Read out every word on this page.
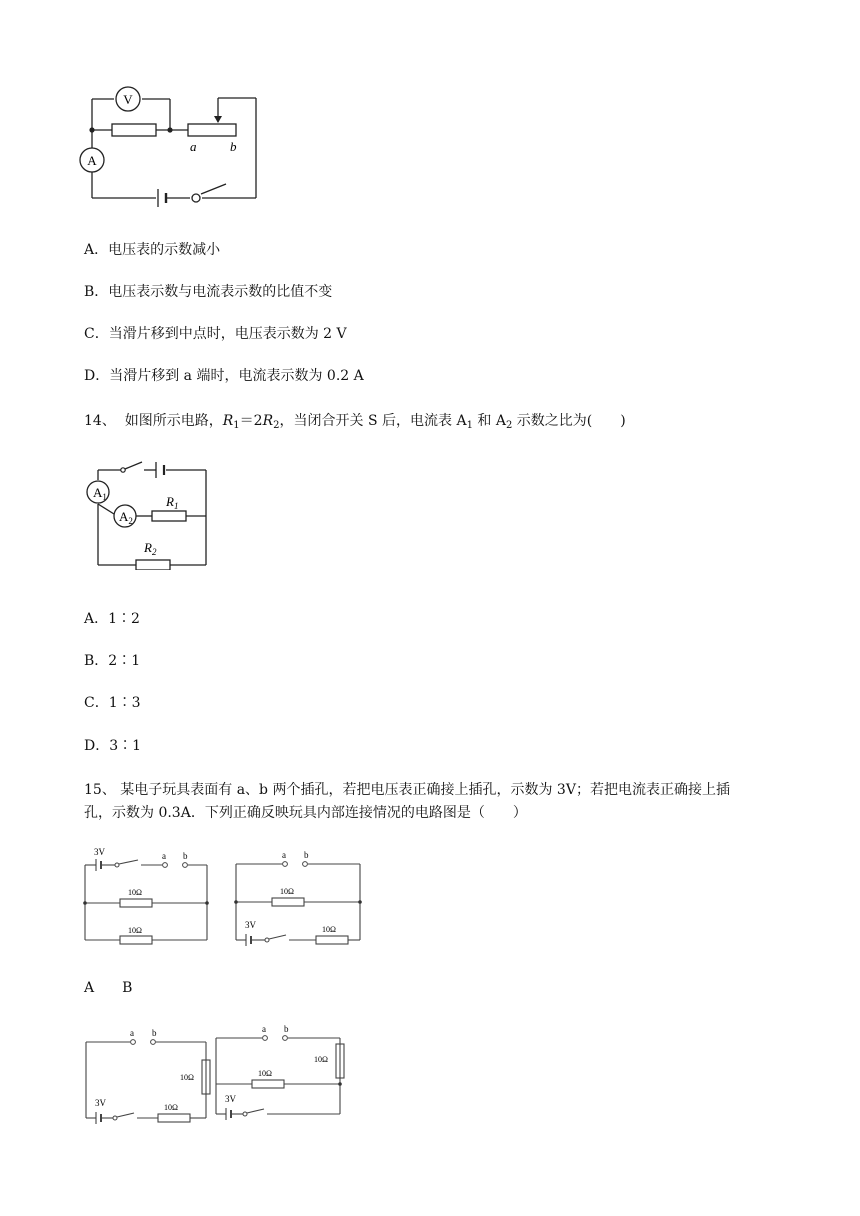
V
A
a	b
A．电压表的示数减小
B．电压表示数与电流表示数的比值不变
C．当滑片移到中点时，电压表示数为 2 V
D．当滑片移到 a 端时，电流表示数为 0.2 A
14、 如图所示电路，$R_1=2R_2$，当闭合开关 S 后，电流表 $A_1$ 和 $A_2$ 示数之比为(　　)
$A_1$
$A_2$
$R_1$
$R_2$
A．1∶2
B．2∶1
C．1∶3
D．3∶1
15、 某电子玩具表面有 a、b 两个插孔，若把电压表正确接上插孔，示数为 3V；若把电流表正确接上插
孔，示数为 0.3A．下列正确反映玩具内部连接情况的电路图是（　　）
3V	a b
10Ω
10Ω
a b
10Ω
3V	10Ω
A　　B
a b
10Ω
3V	10Ω
a b
10Ω
10Ω
3V
